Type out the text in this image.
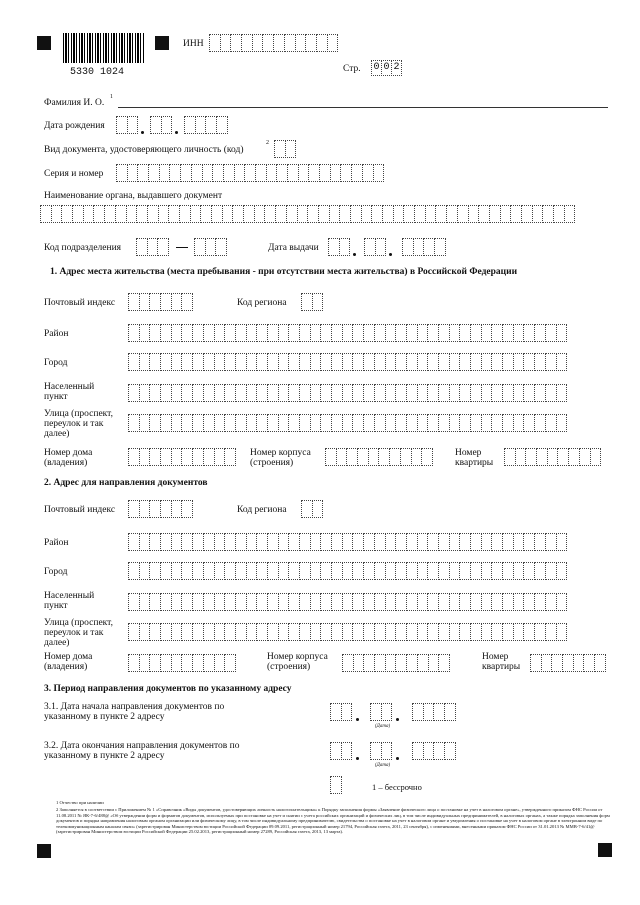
5330 1024
ИНН
Стр. 0 0 2
Фамилия И. О.
1
Дата рождения
Вид документа, удостоверяющего личность (код)
2
Серия и номер
Наименование органа, выдавшего документ
Код подразделения	Дата выдачи
1. Адрес места жительства (места пребывания - при отсутствии места жительства) в Российской Федерации
Почтовый индекс	Код региона
Район
Город
Населенный пункт
Улица (проспект, переулок и так далее)
Номер дома (владения)
Номер корпуса (строения)
Номер квартиры
2. Адрес для направления документов
Почтовый индекс	Код региона
Район
Город
Населенный пункт
Улица (проспект, переулок и так далее)
Номер дома (владения)
Номер корпуса (строения)
Номер квартиры
3. Период направления документов по указанному адресу
3.1. Дата начала направления документов по указанному в пункте 2 адресу
(Дата)
3.2. Дата окончания направления документов по указанному в пункте 2 адресу
(Дата)
1 – бессрочно
1 Отчество при наличии
2 Заполняется в соответствии с Приложением № 1 «Справочник «Виды документов, удостоверяющих личность налогоплательщика» к Порядку заполнения формы «Заявление физического лица о постановке на учет в налоговом органе», утвержденного приказом ФНС России от 11.08.2011 № ЯК-7-6/488@ «Об утверждении форм и форматов документов, используемых при постановке на учет и снятии с учета российских организаций и физических лиц, в том числе индивидуальных предпринимателей, в налоговых органах, а также порядка заполнения форм документов и порядка направления налоговым органом организации или физическому лицу, в том числе индивидуальному предпринимателю, свидетельства о постановке на учет в налоговом органе и уведомления о постановке на учет в налоговом органе в электронном виде по телекоммуникационным каналам связи» (зарегистрирован Министерством юстиции Российской Федерации 09.09.2011, регистрационный номер 21794, Российская газета, 2011, 23 сентября), с изменениями, внесенными приказом ФНС России от 31.01.2013 № ММВ-7-6/41@ (зарегистрирован Министерством юстиции Российской Федерации 25.02.2013, регистрационный номер 27289, Российская газета, 2013, 13 марта).
